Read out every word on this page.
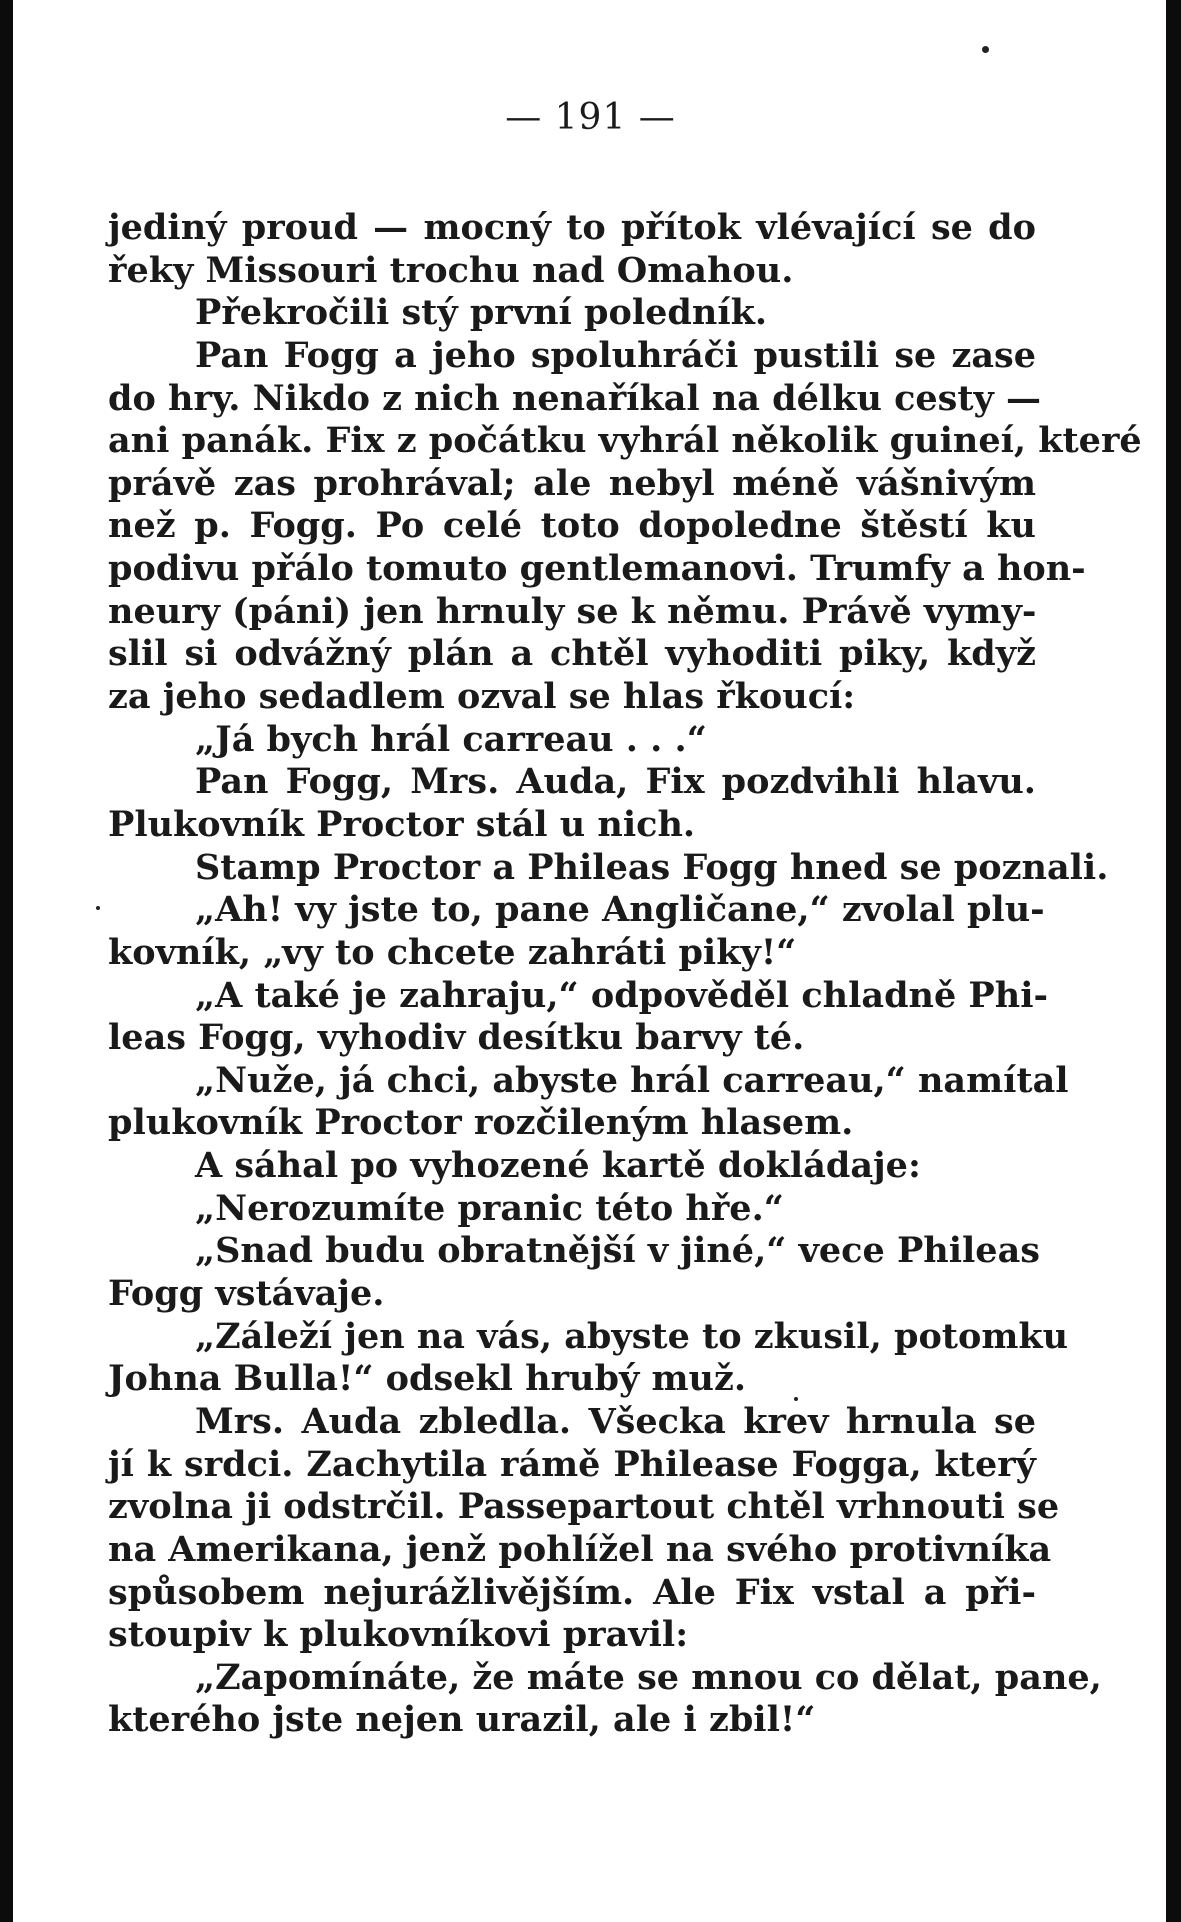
— 191 —
jediný proud — mocný to přítok vlévající se do
řeky Missouri trochu nad Omahou.
Překročili stý první poledník.
Pan Fogg a jeho spoluhráči pustili se zase
do hry. Nikdo z nich nenaříkal na délku cesty —
ani panák. Fix z počátku vyhrál několik guineí, které
právě zas prohrával; ale nebyl méně vášnivým
než p. Fogg. Po celé toto dopoledne štěstí ku
podivu přálo tomuto gentlemanovi. Trumfy a hon-
neury (páni) jen hrnuly se k němu. Právě vymy-
slil si odvážný plán a chtěl vyhoditi piky, když
za jeho sedadlem ozval se hlas řkoucí:
„Já bych hrál carreau . . .“
Pan Fogg, Mrs. Auda, Fix pozdvihli hlavu.
Plukovník Proctor stál u nich.
Stamp Proctor a Phileas Fogg hned se poznali.
„Ah! vy jste to, pane Angličane,“ zvolal plu-
kovník, „vy to chcete zahráti piky!“
„A také je zahraju,“ odpověděl chladně Phi-
leas Fogg, vyhodiv desítku barvy té.
„Nuže, já chci, abyste hrál carreau,“ namítal
plukovník Proctor rozčileným hlasem.
A sáhal po vyhozené kartě dokládaje:
„Nerozumíte pranic této hře.“
„Snad budu obratnější v jiné,“ vece Phileas
Fogg vstávaje.
„Záleží jen na vás, abyste to zkusil, potomku
Johna Bulla!“ odsekl hrubý muž.
Mrs. Auda zbledla. Všecka krev hrnula se
jí k srdci. Zachytila rámě Philease Fogga, který
zvolna ji odstrčil. Passepartout chtěl vrhnouti se
na Amerikana, jenž pohlížel na svého protivníka
spůsobem nejurážlivějším. Ale Fix vstal a při-
stoupiv k plukovníkovi pravil:
„Zapomínáte, že máte se mnou co dělat, pane,
kterého jste nejen urazil, ale i zbil!“
